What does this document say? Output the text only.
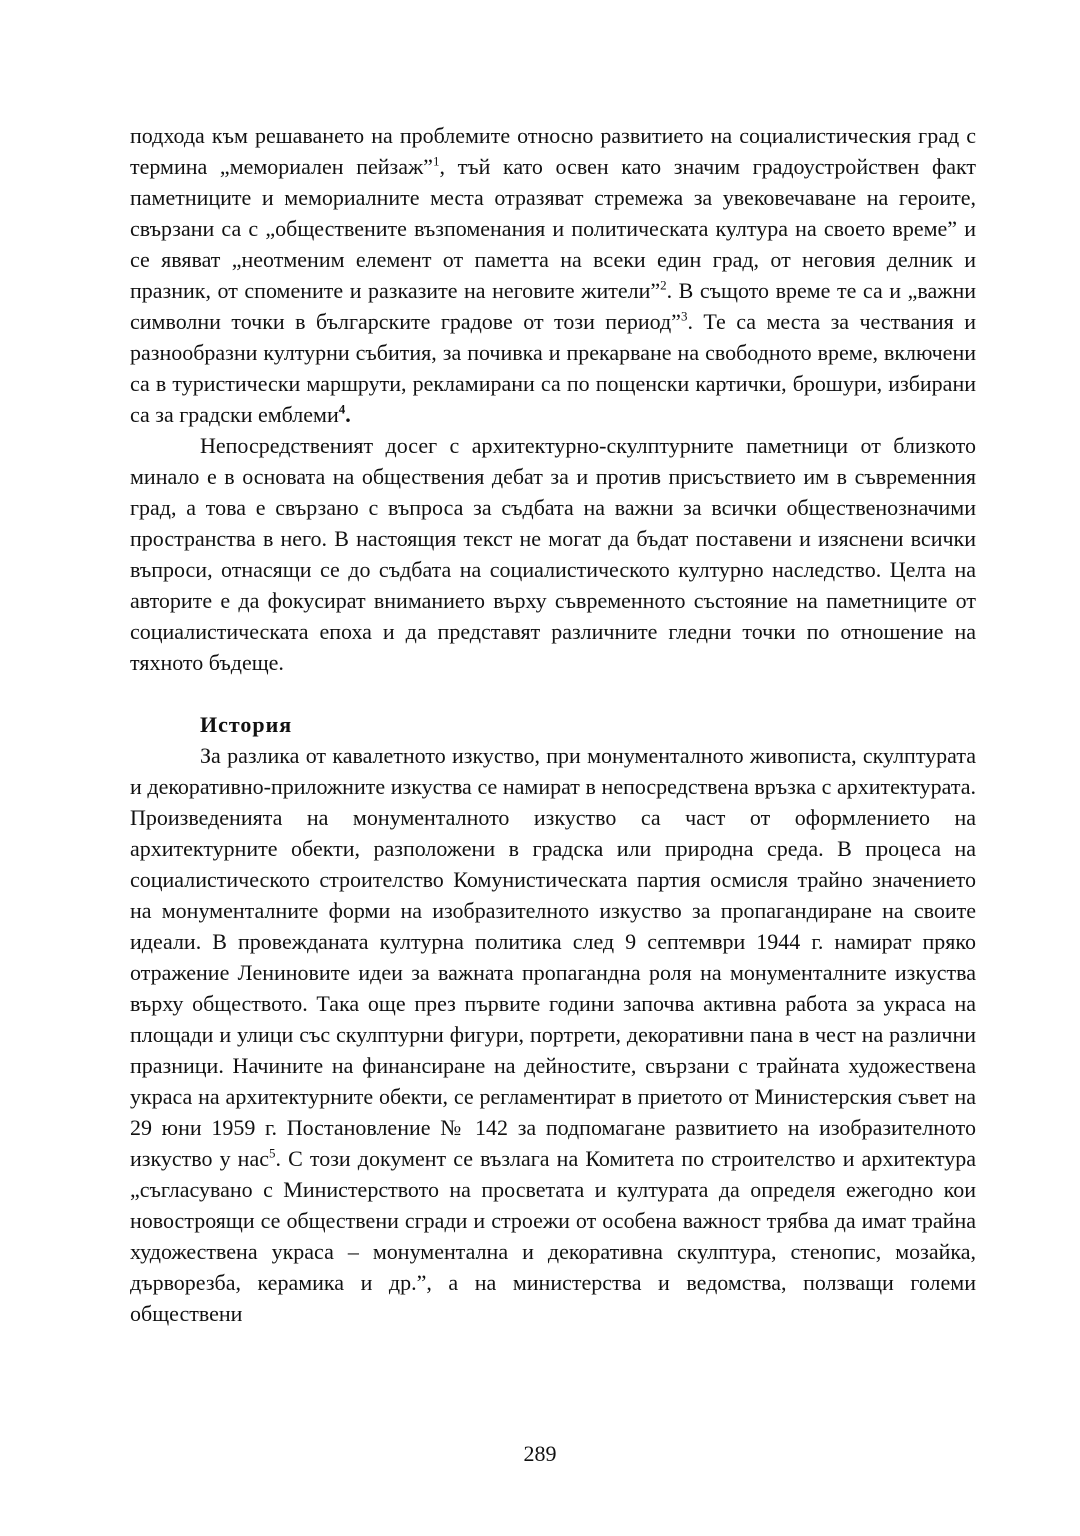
подхода към решаването на проблемите относно развитието на социалистическия град с термина „мемориален пейзаж”$^1$, тъй като освен като значим градоустройствен факт паметниците и мемориалните места отразяват стремежа за увековечаване на героите, свързани са с „обществените възпоменания и политическата култура на своето време” и се явяват „неотменим елемент от паметта на всеки един град, от неговия делник и празник, от спомените и разказите на неговите жители”$^2$. В същото време те са и „важни символни точки в българските градове от този период”$^3$. Те са места за чествания и разнообразни културни събития, за почивка и прекарване на свободното време, включени са в туристически маршрути, рекламирани са по пощенски картички, брошури, избирани са за градски емблеми$^4$.

Непосредственият досег с архитектурно-скулптурните паметници от близкото минало е в основата на обществения дебат за и против присъствието им в съвременния град, а това е свързано с въпроса за съдбата на важни за всички общественозначими пространства в него. В настоящия текст не могат да бъдат поставени и изяснени всички въпроси, отнасящи се до съдбата на социалистическото културно наследство. Целта на авторите е да фокусират вниманието върху съвременното състояние на паметниците от социалистическата епоха и да представят различните гледни точки по отношение на тяхното бъдеще.

История

За разлика от кавалетното изкуство, при монументалното живописта, скулптурата и декоративно-приложните изкуства се намират в непосредствена връзка с архитектурата. Произведенията на монументалното изкуство са част от оформлението на архитектурните обекти, разположени в градска или природна среда. В процеса на социалистическото строителство Комунистическата партия осмисля трайно значението на монументалните форми на изобразителното изкуство за пропагандиране на своите идеали. В провежданата културна политика след 9 септември 1944 г. намират пряко отражение Лениновите идеи за важната пропагандна роля на монументалните изкуства върху обществото. Така още през първите години започва активна работа за украса на площади и улици със скулптурни фигури, портрети, декоративни пана в чест на различни празници. Начините на финансиране на дейностите, свързани с трайната художествена украса на архитектурните обекти, се регламентират в приетото от Министерския съвет на 29 юни 1959 г. Постановление № 142 за подпомагане развитието на изобразителното изкуство у нас$^5$. С този документ се възлага на Комитета по строителство и архитектура „съгласувано с Министерството на просветата и културата да определя ежегодно кои новостроящи се обществени сгради и строежи от особена важност трябва да имат трайна художествена украса – монументална и декоративна скулптура, стенопис, мозайка, дърворезба, керамика и др.”, а на министерства и ведомства, ползващи големи обществени

289
